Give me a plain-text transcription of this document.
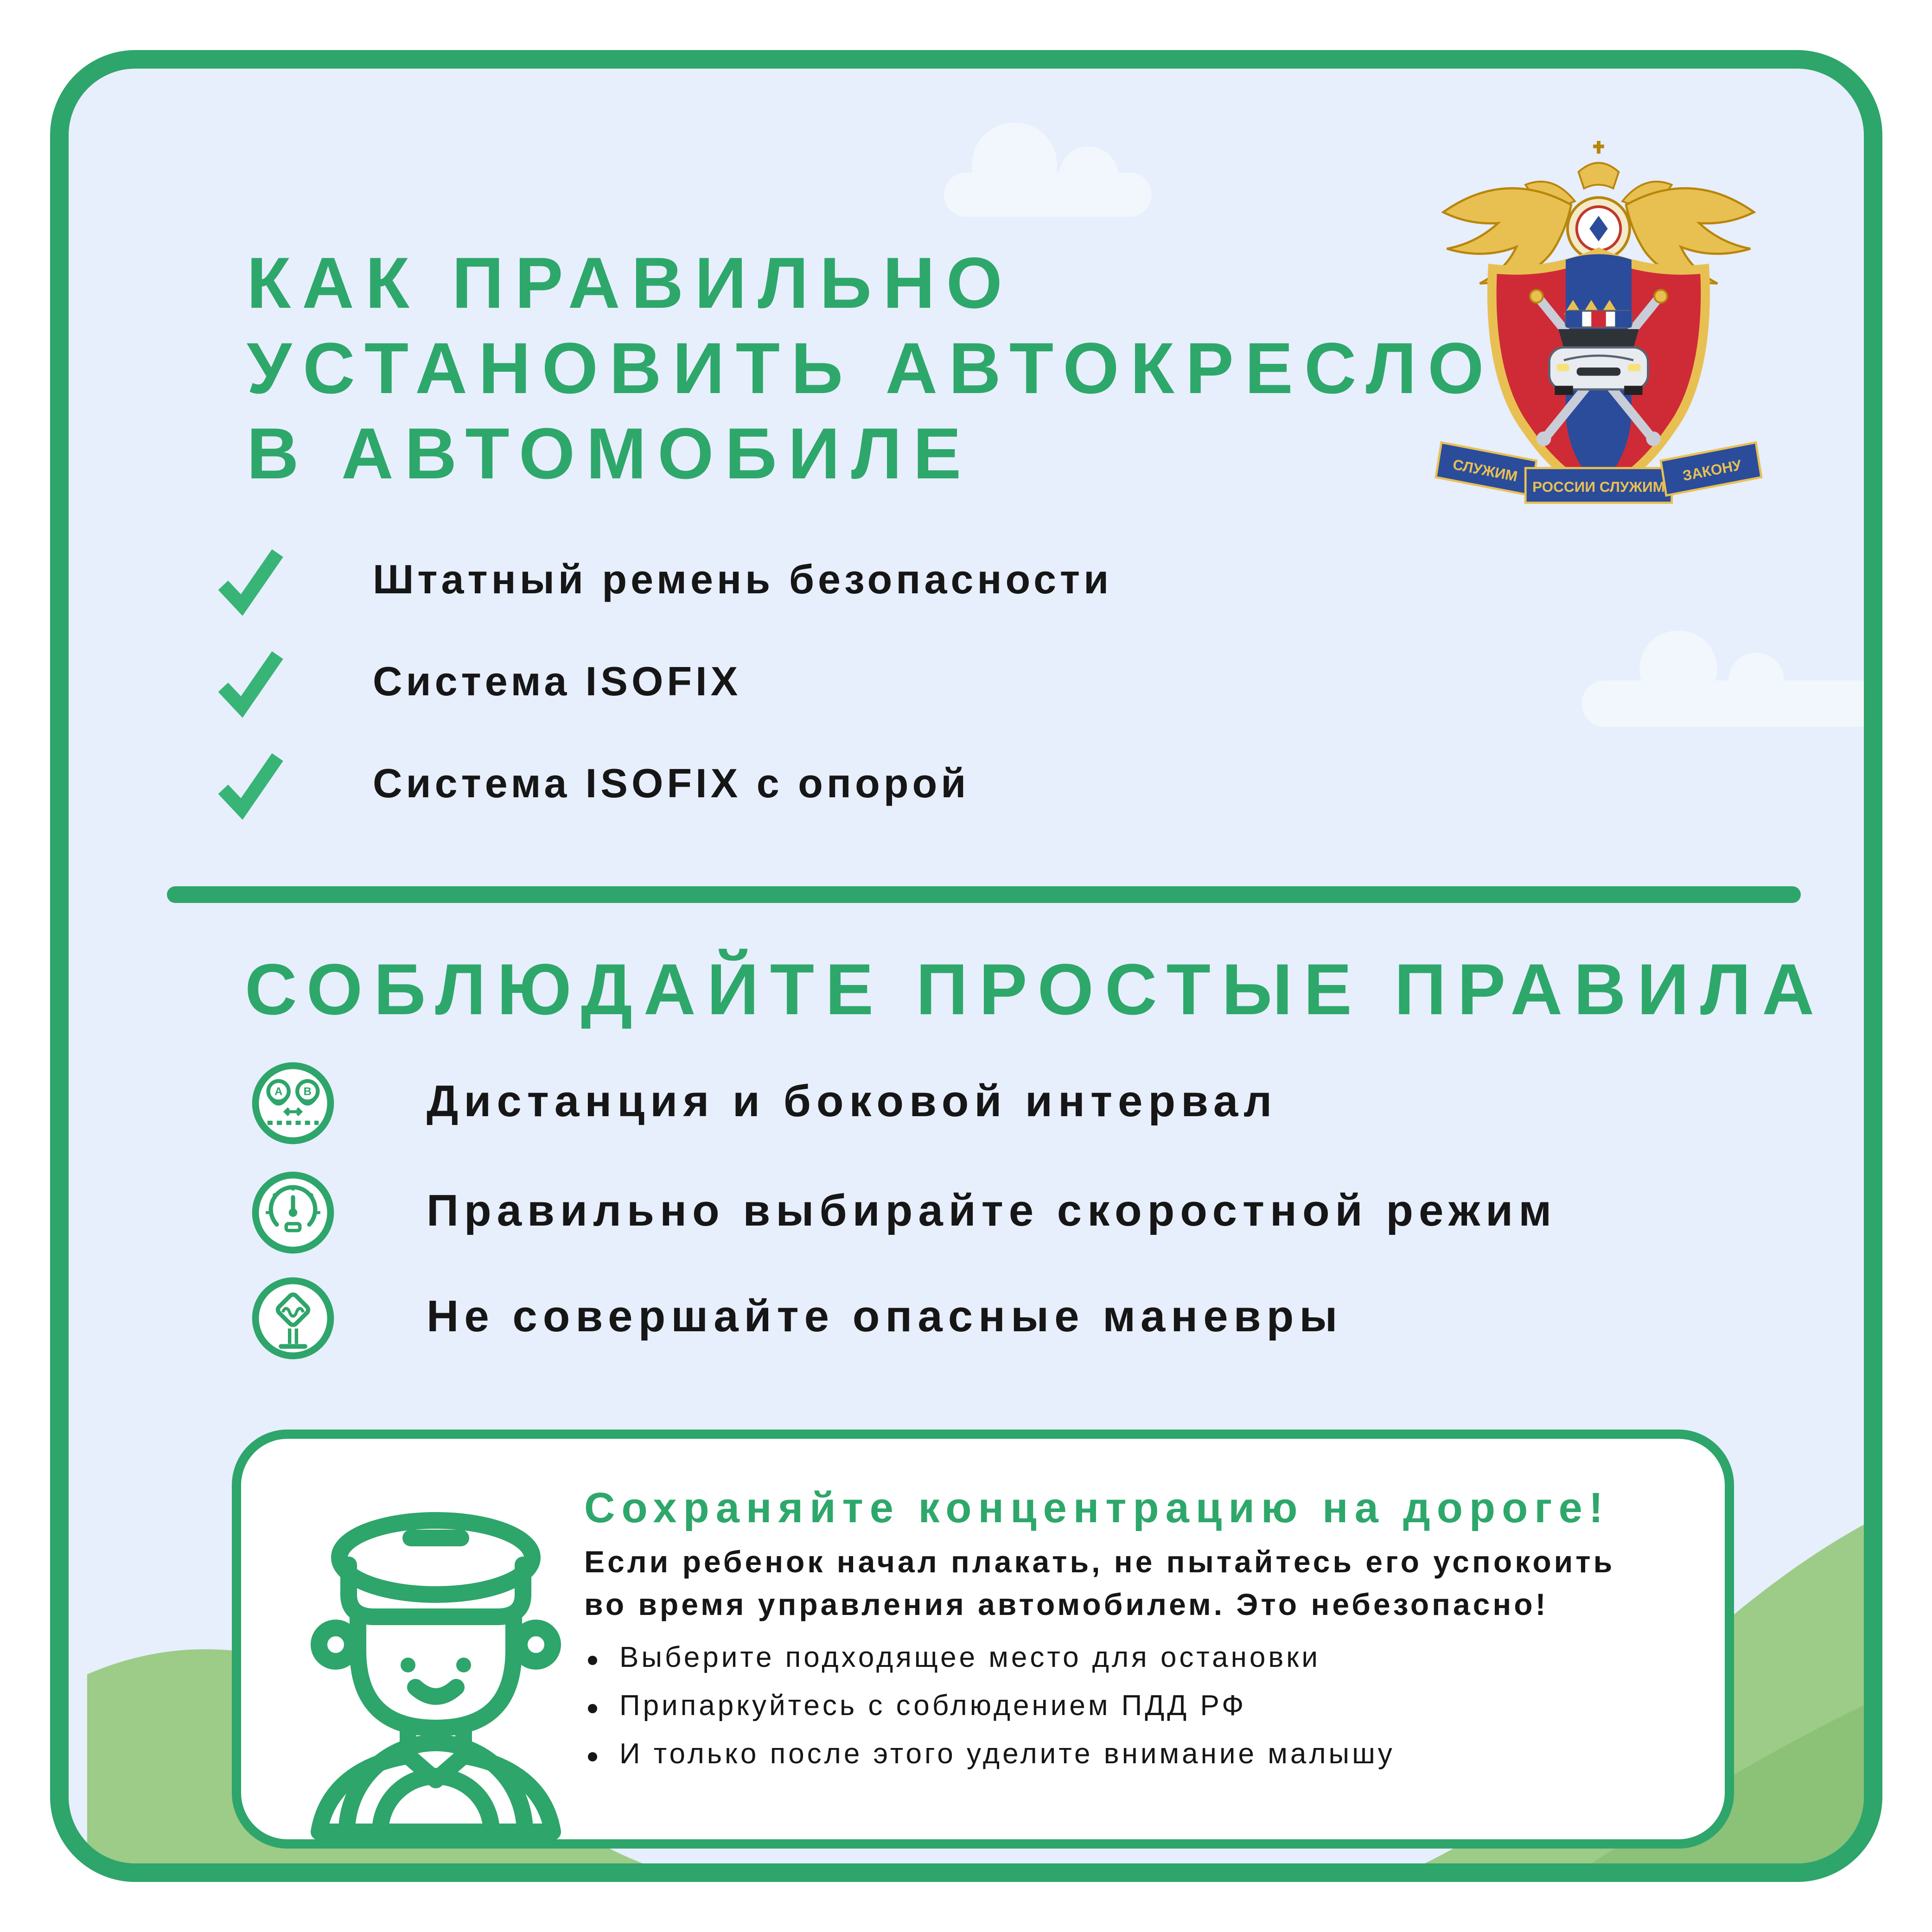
КАК ПРАВИЛЬНО
УСТАНОВИТЬ АВТОКРЕСЛО
В АВТОМОБИЛЕ	СЛУЖИМ
РОССИИ СЛУЖИМ
ЗАКОНУ
Штатный ремень безопасности
Система ISOFIX
Система ISOFIX с опорой
СОБЛЮДАЙТЕ ПРОСТЫЕ ПРАВИЛА
A	B	Дистанция и боковой интервал
Правильно выбирайте скоростной режим
Не совершайте опасные маневры
Сохраняйте концентрацию на дороге!
Если ребенок начал плакать, не пытайтесь его успокоить
во время управления автомобилем. Это небезопасно!
Выберите подходящее место для остановки
Припаркуйтесь с соблюдением ПДД РФ
И только после этого уделите внимание малышу
